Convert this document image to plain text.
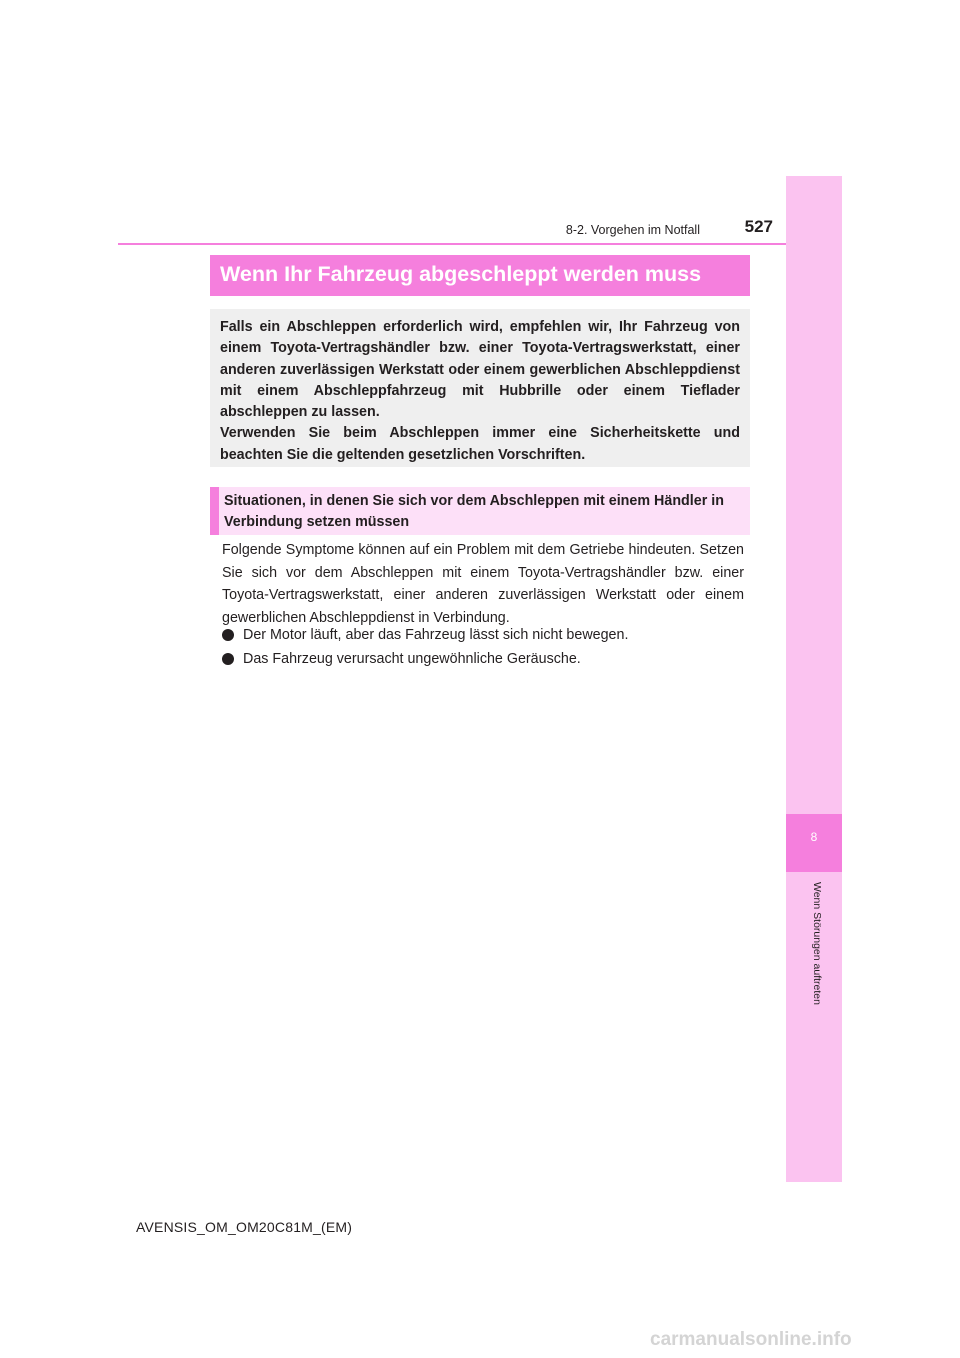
8
Wenn Störungen auftreten
8-2. Vorgehen im Notfall	527
Wenn Ihr Fahrzeug abgeschleppt werden muss

Falls ein Abschleppen erforderlich wird, empfehlen wir, Ihr Fahrzeug von einem Toyota-Vertragshändler bzw. einer Toyota-Vertragswerkstatt, einer anderen zuverlässigen Werkstatt oder einem gewerblichen Abschleppdienst mit einem Abschleppfahrzeug mit Hubbrille oder einem Tieflader abschleppen zu lassen.

Verwenden Sie beim Abschleppen immer eine Sicherheitskette und beachten Sie die geltenden gesetzlichen Vorschriften.

Situationen, in denen Sie sich vor dem Abschleppen mit einem Händler in Verbindung setzen müssen
Folgende Symptome können auf ein Problem mit dem Getriebe hindeuten. Setzen Sie sich vor dem Abschleppen mit einem Toyota-Vertragshändler bzw. einer Toyota-Vertragswerkstatt, einer anderen zuverlässigen Werkstatt oder einem gewerblichen Abschleppdienst in Verbindung.
Der Motor läuft, aber das Fahrzeug lässt sich nicht bewegen.
Das Fahrzeug verursacht ungewöhnliche Geräusche.
AVENSIS_OM_OM20C81M_(EM)
carmanualsonline.info
